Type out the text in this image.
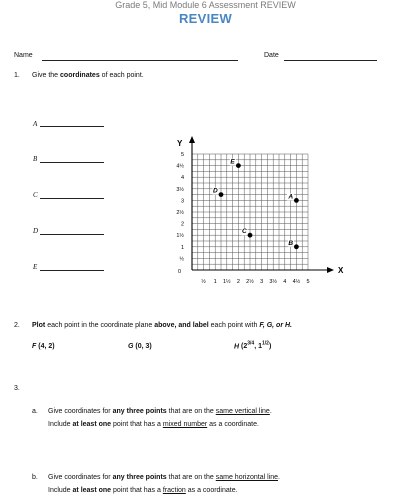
Grade 5, Mid Module 6 Assessment REVIEW
REVIEW
Name	Date
1. Give the coordinates of each point.
A
B
C
D
E	X
Y
0
½ 1 1½ 2 2½ 3 3½ 4 4½ 5
½
1
1½
2
2½
3
3½
4
4½
5
A
B
C
D
E
2. Plot each point in the coordinate plane above, and label each point with F, G, or H.
F (4, 2)	G (0, 3)	H ($2^{3/4}$, $1^{1/2}$)
3.
a. Give coordinates for any three points that are on the same vertical line.
Include at least one point that has a mixed number as a coordinate.
b. Give coordinates for any three points that are on the same horizontal line.
Include at least one point that has a fraction as a coordinate.
